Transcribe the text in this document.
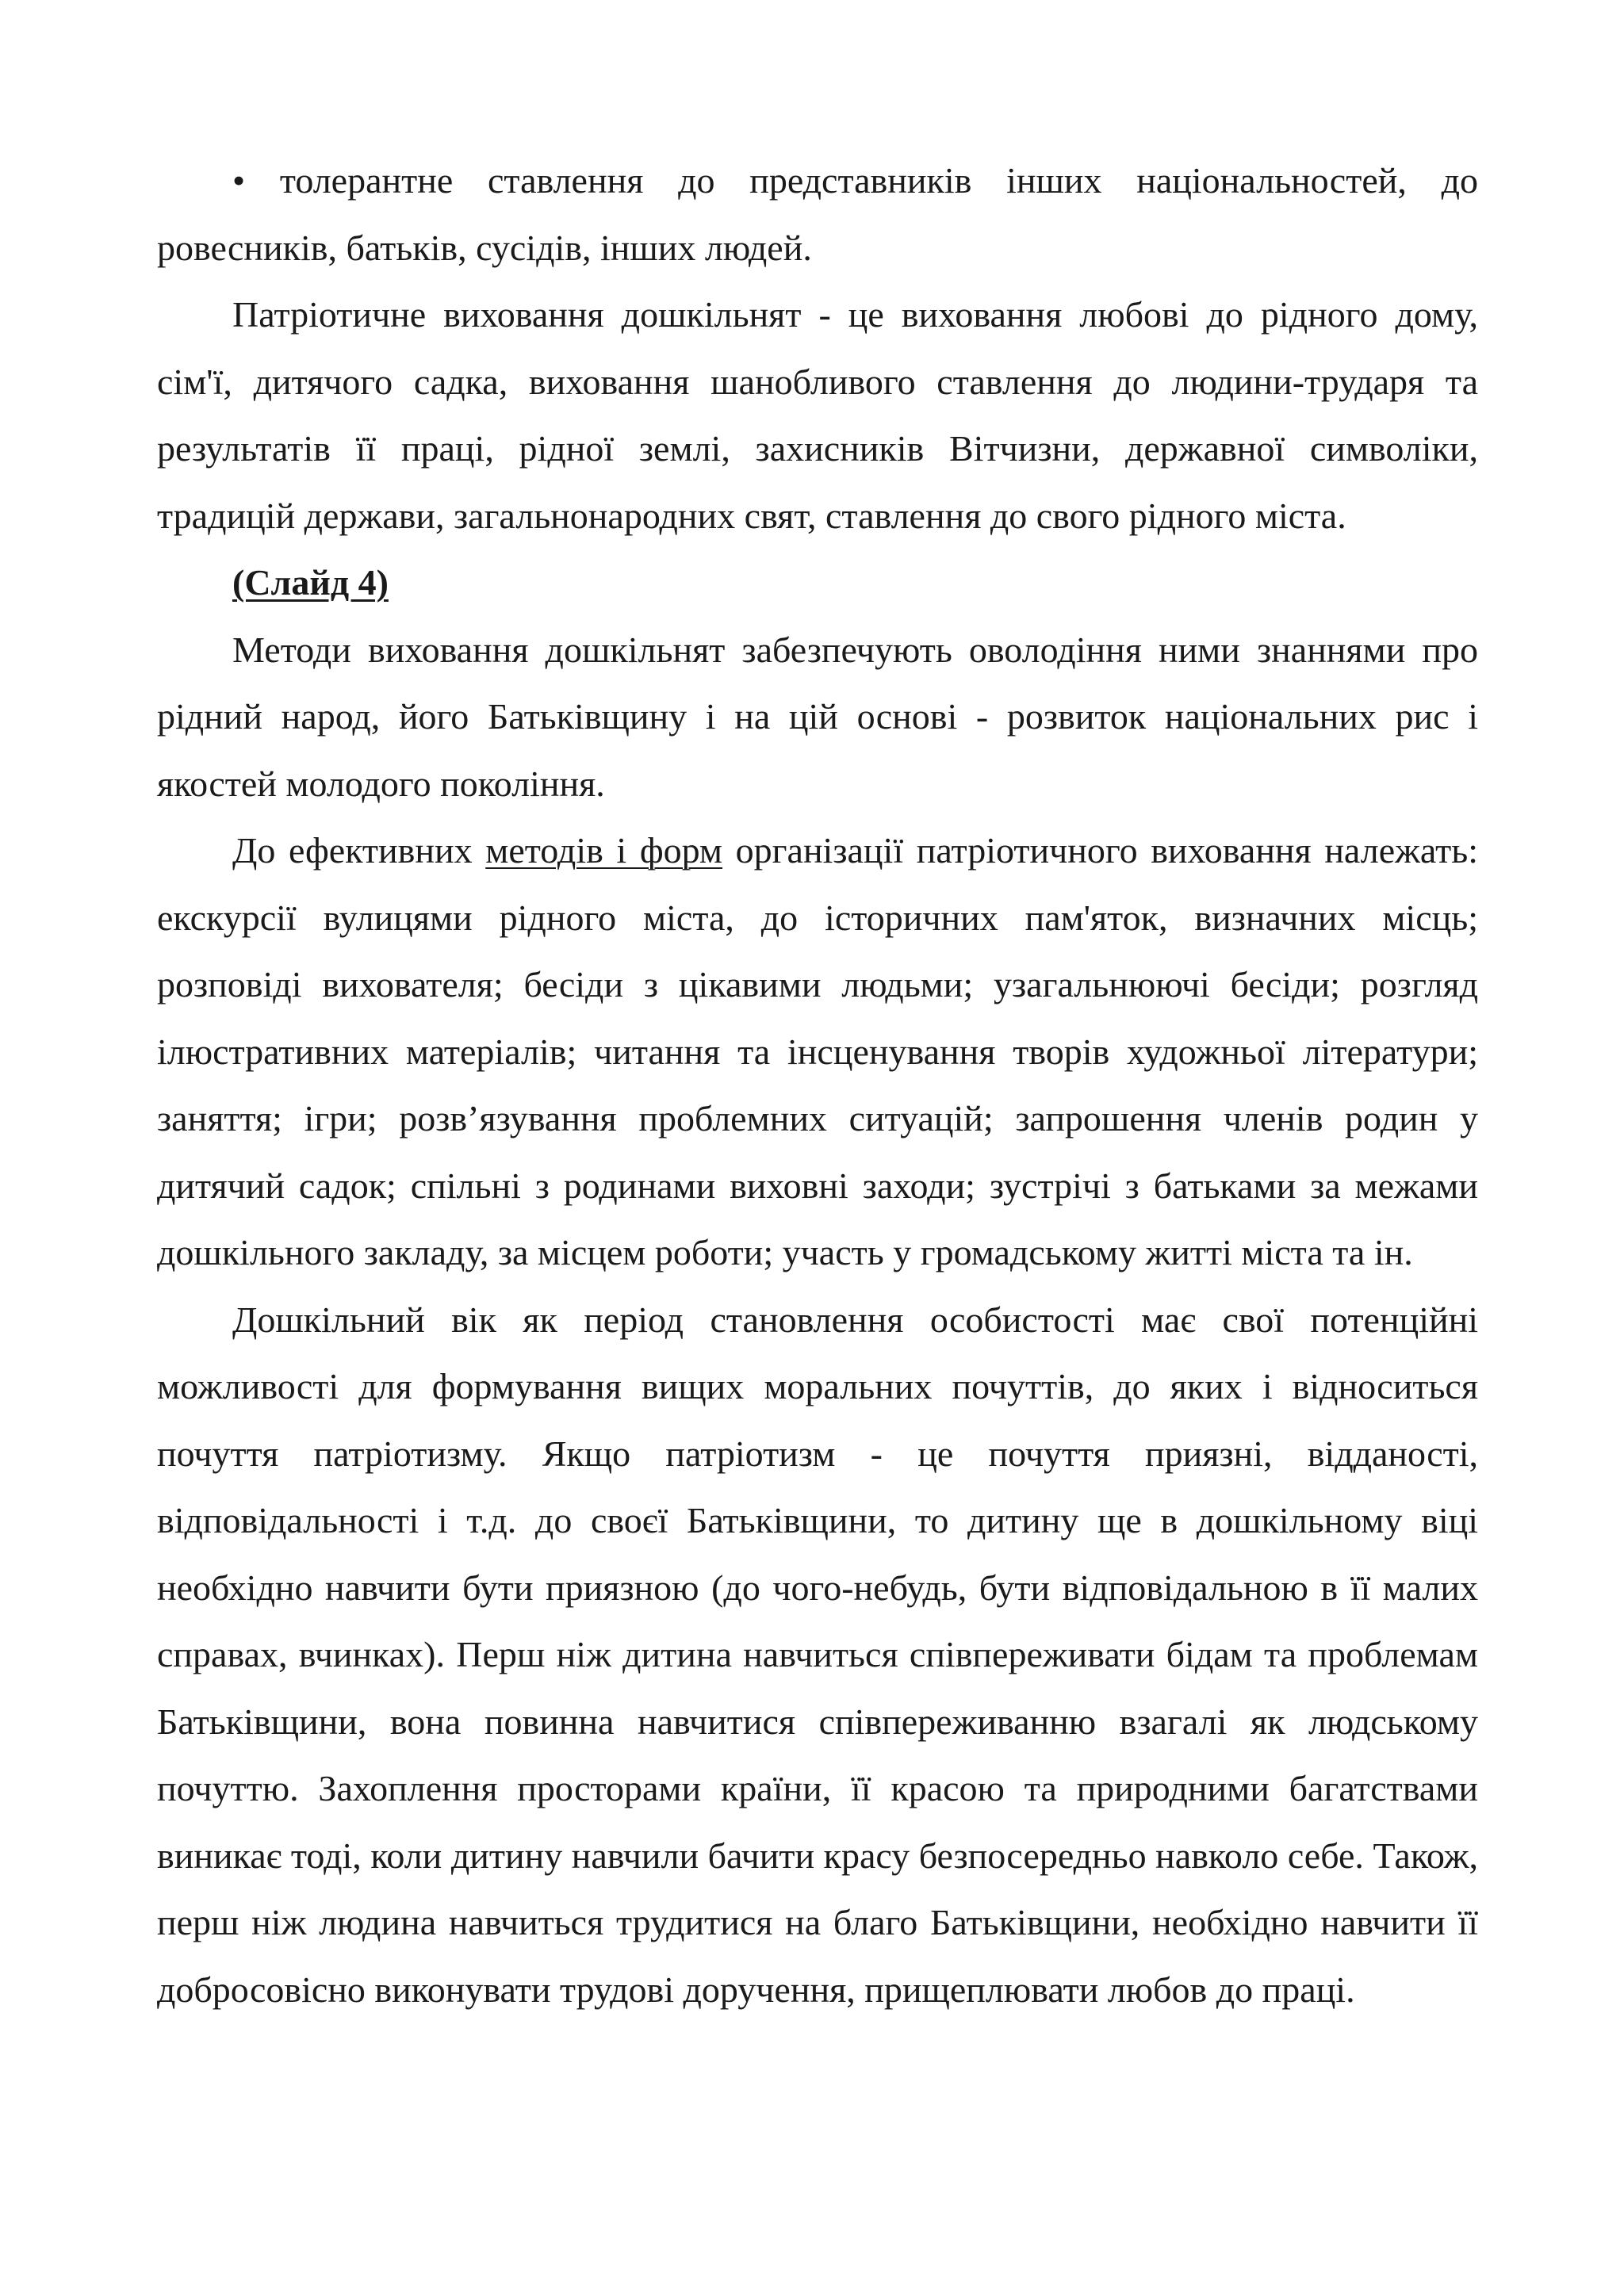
• толерантне ставлення до представників інших національностей, до ровесників, батьків, сусідів, інших людей.

Патріотичне виховання дошкільнят - це виховання любові до рідного дому, сім'ї, дитячого садка, виховання шанобливого ставлення до людини-трударя та результатів її праці, рідної землі, захисників Вітчизни, державної символіки, традицій держави, загальнонародних свят, ставлення до свого рідного міста.

(Слайд 4)

Методи виховання дошкільнят забезпечують оволодіння ними знаннями про рідний народ, його Батьківщину і на цій основі - розвиток національних рис і якостей молодого покоління.

До ефективних методів і форм організації патріотичного виховання належать: екскурсії вулицями рідного міста, до історичних пам'яток, визначних місць; розповіді вихователя; бесіди з цікавими людьми; узагальнюючі бесіди; розгляд ілюстративних матеріалів; читання та інсценування творів художньої літератури; заняття; ігри; розв’язування проблемних ситуацій; запрошення членів родин у дитячий садок; спільні з родинами виховні заходи; зустрічі з батьками за межами дошкільного закладу, за місцем роботи; участь у громадському житті міста та ін.

Дошкільний вік як період становлення особистості має свої потенційні можливості для формування вищих моральних почуттів, до яких і відноситься почуття патріотизму. Якщо патріотизм - це почуття приязні, відданості, відповідальності і т.д. до своєї Батьківщини, то дитину ще в дошкільному віці необхідно навчити бути приязною (до чого-небудь, бути відповідальною в її малих справах, вчинках). Перш ніж дитина навчиться співпереживати бідам та проблемам Батьківщини, вона повинна навчитися співпереживанню взагалі як людському почуттю. Захоплення просторами країни, її красою та природними багатствами виникає тоді, коли дитину навчили бачити красу безпосередньо навколо себе. Також, перш ніж людина навчиться трудитися на благо Батьківщини, необхідно навчити її добросовісно виконувати трудові доручення, прищеплювати любов до праці.
